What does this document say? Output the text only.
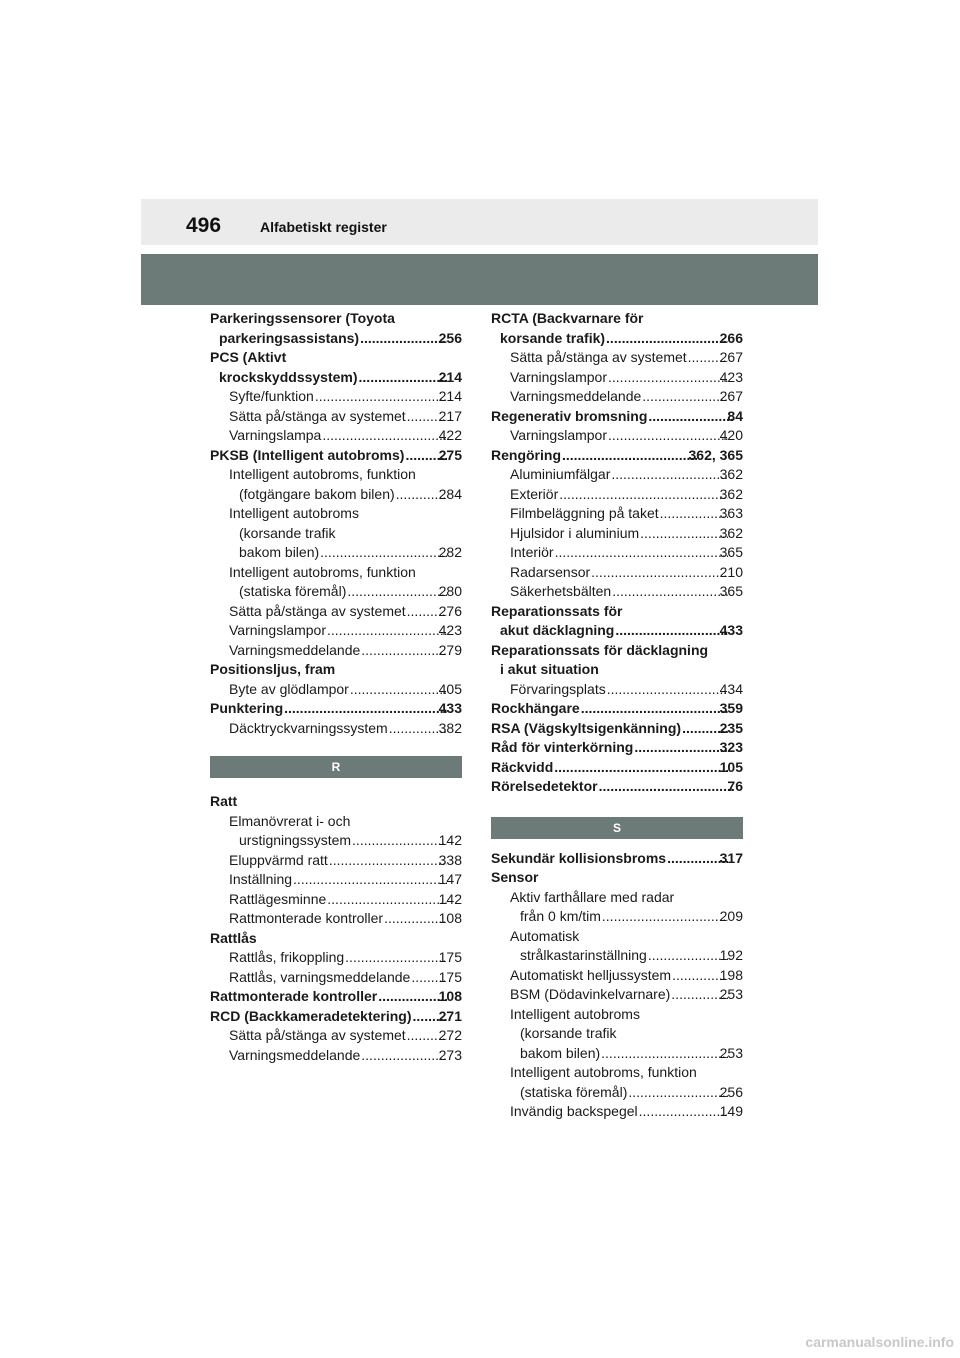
496	Alfabetiskt register
Parkeringssensorer (Toyota
parkeringsassistans) .....	256
PCS (Aktivt
krockskyddssystem) .....	214
Syfte/funktion .....	214
Sätta på/stänga av systemet ..... 217
Varningslampa .....	422
PKSB (Intelligent autobroms) ..... 275
Intelligent autobroms, funktion
(fotgängare bakom bilen) .....	284
Intelligent autobroms
(korsande trafik
bakom bilen) .....	282
Intelligent autobroms, funktion
(statiska föremål) .....	280
Sätta på/stänga av systemet ..... 276
Varningslampor .....	423
Varningsmeddelande .....	279
Positionsljus, fram
Byte av glödlampor .....	405
Punktering .....	433
Däcktryckvarningssystem .....	382
R
Ratt
Elmanövrerat i- och
urstigningssystem .....	142
Eluppvärmd ratt .....	338
Inställning .....	147
Rattlägesminne .....	142
Rattmonterade kontroller .....	108
Rattlås
Rattlås, frikoppling .....	175
Rattlås, varningsmeddelande ..... 175
Rattmonterade kontroller .....	108
RCD (Backkameradetektering) ..... 271
Sätta på/stänga av systemet ..... 272
Varningsmeddelande .....	273
RCTA (Backvarnare för
korsande trafik) .....	266
Sätta på/stänga av systemet ..... 267
Varningslampor .....	423
Varningsmeddelande .....	267
Regenerativ bromsning .....	84
Varningslampor .....	420
Rengöring .....	362, 365
Aluminiumfälgar .....	362
Exteriör .....	362
Filmbeläggning på taket .....	363
Hjulsidor i aluminium .....	362
Interiör .....	365
Radarsensor .....	210
Säkerhetsbälten .....	365
Reparationssats för
akut däcklagning .....	433
Reparationssats för däcklagning
i akut situation
Förvaringsplats .....	434
Rockhängare .....	359
RSA (Vägskyltsigenkänning) .....	235
Råd för vinterkörning .....	323
Räckvidd .....	105
Rörelsedetektor .....	76
S
Sekundär kollisionsbroms .....	317
Sensor
Aktiv farthållare med radar
från 0 km/tim .....	209
Automatisk
strålkastarinställning .....	192
Automatiskt helljussystem .....	198
BSM (Dödavinkelvarnare) .....	253
Intelligent autobroms
(korsande trafik
bakom bilen) .....	253
Intelligent autobroms, funktion
(statiska föremål) .....	256
Invändig backspegel .....	149
carmanualsonline.info
